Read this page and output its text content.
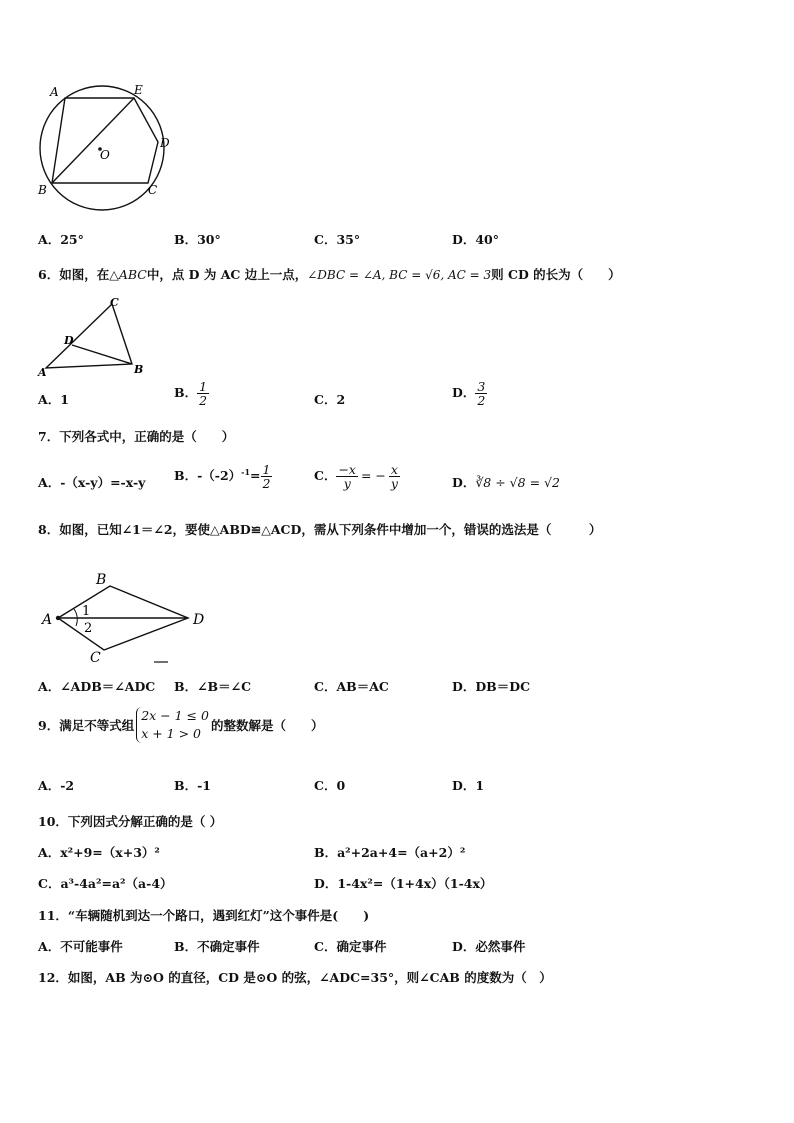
A	E
D
O
B	C
A．25°	B．30°	C．35°	D．40°
6．如图，在△ABC中，点 D 为 AC 边上一点，∠DBC = ∠A, BC = √6, AC = 3则 CD 的长为（　　）
C
D
A	B
A．1	B． $\frac{1}{2}$	C．2	D． $\frac{3}{2}$
7．下列各式中，正确的是（　　）
A．-（x-y）=-x-y B．$-(-2)^{-1}= \frac{1}{2}$	C． $\frac{-x}{y}$ = − $\frac{x}{y}$	D．∛8 ÷ √8 = √2
8．如图，已知∠1＝∠2，要使△ABD≌△ACD，需从下列条件中增加一个，错误的选法是（　　　）
A
B
C
D
1
2
A．∠ADB＝∠ADC B．∠B＝∠C	C．AB＝AC	D．DB＝DC
9．满足不等式组
2x − 1 ≤ 0
x + 1 > 0
的整数解是（　　）
A．-2	B．-1	C．0	D．1
10．下列因式分解正确的是（ ）
A．x²+9=（x+3）²	B．a²+2a+4=（a+2）²
C．a³-4a²=a²（a-4）	D．1-4x²=（1+4x）（1-4x）
11．“车辆随机到达一个路口，遇到红灯”这个事件是(　　)
A．不可能事件	B．不确定事件	C．确定事件	D．必然事件
12．如图，AB 为⊙O 的直径，CD 是⊙O 的弦，∠ADC=35°，则∠CAB 的度数为（　）
